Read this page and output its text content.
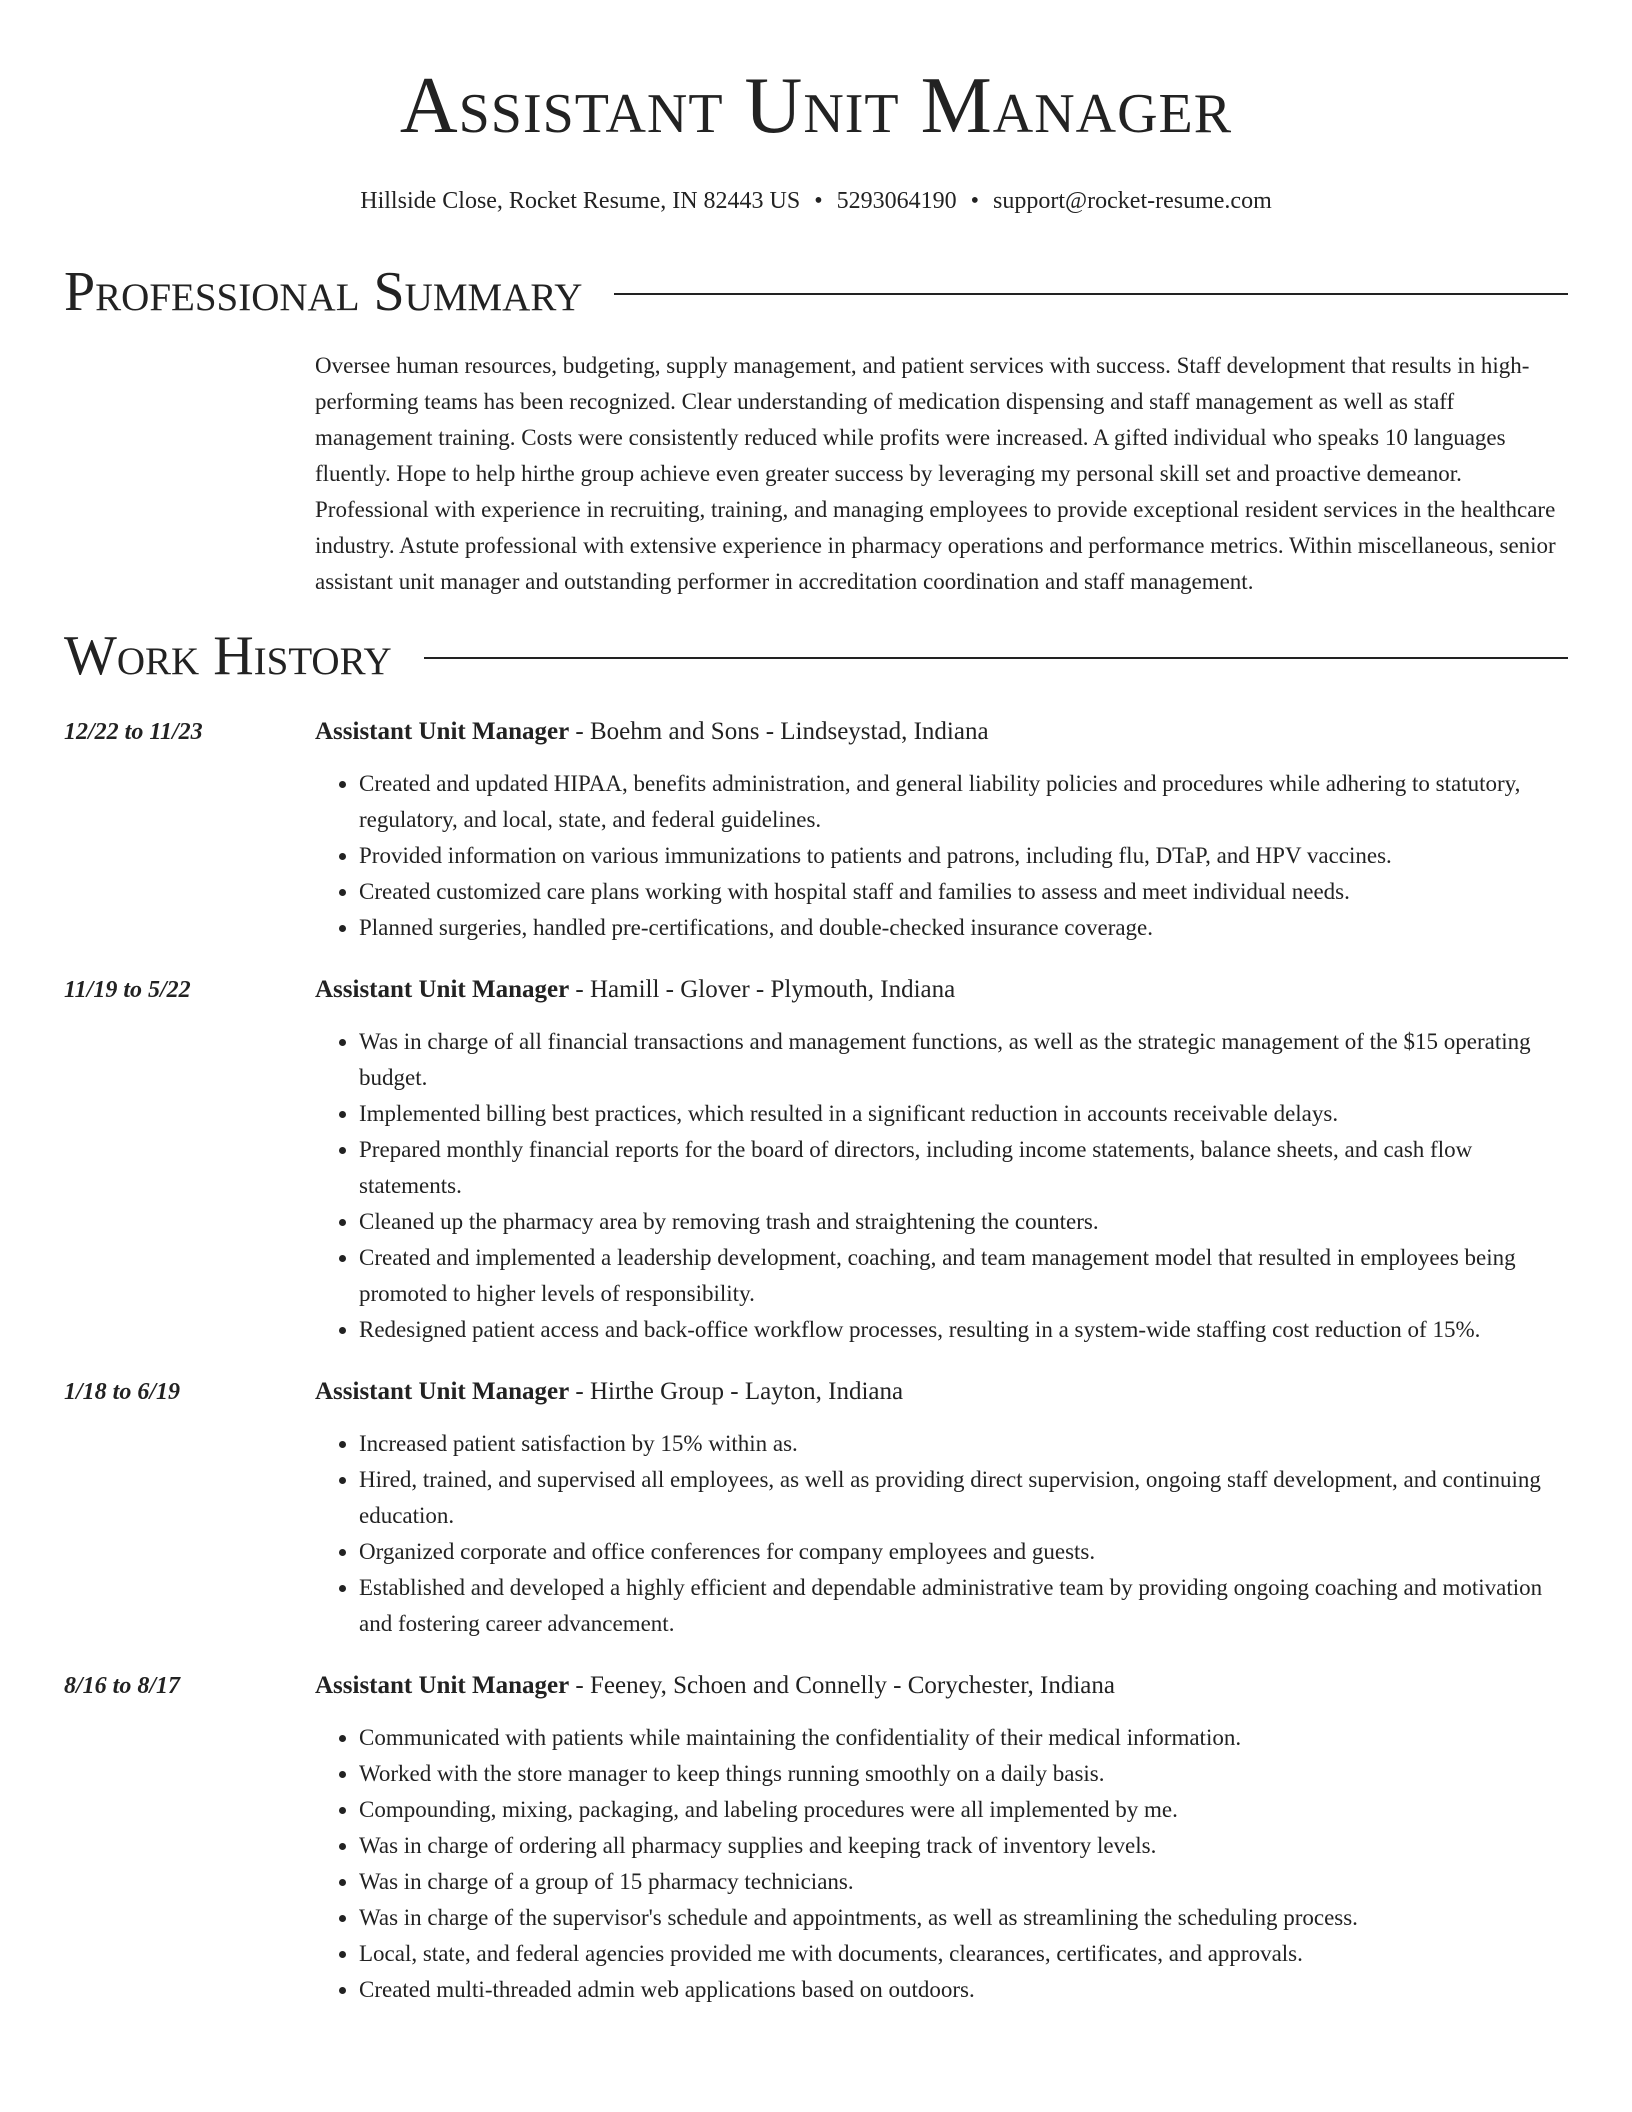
Assistant Unit Manager
Hillside Close, Rocket Resume, IN 82443 US • 5293064190 • support@rocket-resume.com
Professional Summary

Oversee human resources, budgeting, supply management, and patient services with success. Staff development that results in high-performing teams has been recognized. Clear understanding of medication dispensing and staff management as well as staff management training. Costs were consistently reduced while profits were increased. A gifted individual who speaks 10 languages fluently. Hope to help hirthe group achieve even greater success by leveraging my personal skill set and proactive demeanor. Professional with experience in recruiting, training, and managing employees to provide exceptional resident services in the healthcare industry. Astute professional with extensive experience in pharmacy operations and performance metrics. Within miscellaneous, senior assistant unit manager and outstanding performer in accreditation coordination and staff management.

Work History
12/22 to 11/23	Assistant Unit Manager - Boehm and Sons - Lindseystad, Indiana
• Created and updated HIPAA, benefits administration, and general liability policies and procedures while adhering to statutory, regulatory, and local, state, and federal guidelines.
• Provided information on various immunizations to patients and patrons, including flu, DTaP, and HPV vaccines.
• Created customized care plans working with hospital staff and families to assess and meet individual needs.
• Planned surgeries, handled pre-certifications, and double-checked insurance coverage.
11/19 to 5/22	Assistant Unit Manager - Hamill - Glover - Plymouth, Indiana
• Was in charge of all financial transactions and management functions, as well as the strategic management of the $15 operating budget.
• Implemented billing best practices, which resulted in a significant reduction in accounts receivable delays.
• Prepared monthly financial reports for the board of directors, including income statements, balance sheets, and cash flow statements.
• Cleaned up the pharmacy area by removing trash and straightening the counters.
• Created and implemented a leadership development, coaching, and team management model that resulted in employees being promoted to higher levels of responsibility.
• Redesigned patient access and back-office workflow processes, resulting in a system-wide staffing cost reduction of 15%.
1/18 to 6/19	Assistant Unit Manager - Hirthe Group - Layton, Indiana
• Increased patient satisfaction by 15% within as.
• Hired, trained, and supervised all employees, as well as providing direct supervision, ongoing staff development, and continuing education.
• Organized corporate and office conferences for company employees and guests.
• Established and developed a highly efficient and dependable administrative team by providing ongoing coaching and motivation and fostering career advancement.
8/16 to 8/17	Assistant Unit Manager - Feeney, Schoen and Connelly - Corychester, Indiana
• Communicated with patients while maintaining the confidentiality of their medical information.
• Worked with the store manager to keep things running smoothly on a daily basis.
• Compounding, mixing, packaging, and labeling procedures were all implemented by me.
• Was in charge of ordering all pharmacy supplies and keeping track of inventory levels.
• Was in charge of a group of 15 pharmacy technicians.
• Was in charge of the supervisor's schedule and appointments, as well as streamlining the scheduling process.
• Local, state, and federal agencies provided me with documents, clearances, certificates, and approvals.
• Created multi-threaded admin web applications based on outdoors.
